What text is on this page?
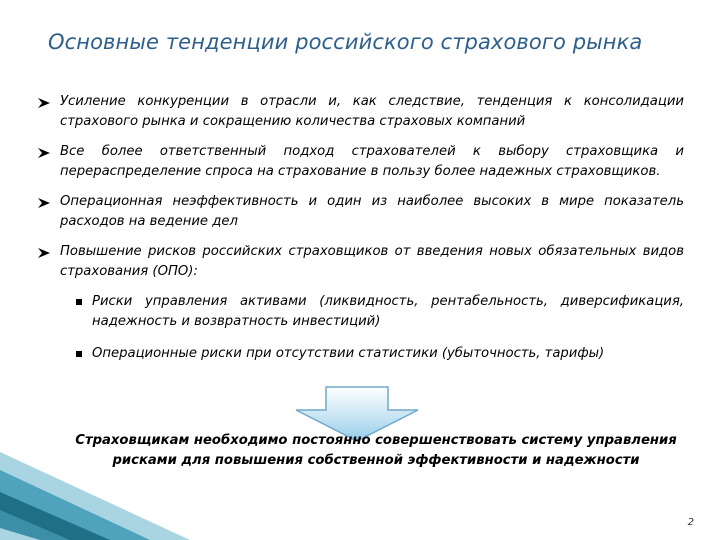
Основные тенденции российского страхового рынка
Усиление конкуренции в отрасли и, как следствие, тенденция к консолидации страхового рынка и сокращению количества страховых компаний
Все более ответственный подход страхователей к выбору страховщика и перераспределение спроса на страхование в пользу более надежных страховщиков.
Операционная неэффективность и один из наиболее высоких в мире показатель расходов на ведение дел
Повышение рисков российских страховщиков от введения новых обязательных видов страхования (ОПО):
Риски управления активами (ликвидность, рентабельность, диверсификация, надежность и возвратность инвестиций)
Операционные риски при отсутствии статистики (убыточность, тарифы)
Страховщикам необходимо постоянно совершенствовать систему управления рисками для повышения собственной эффективности и надежности
2
